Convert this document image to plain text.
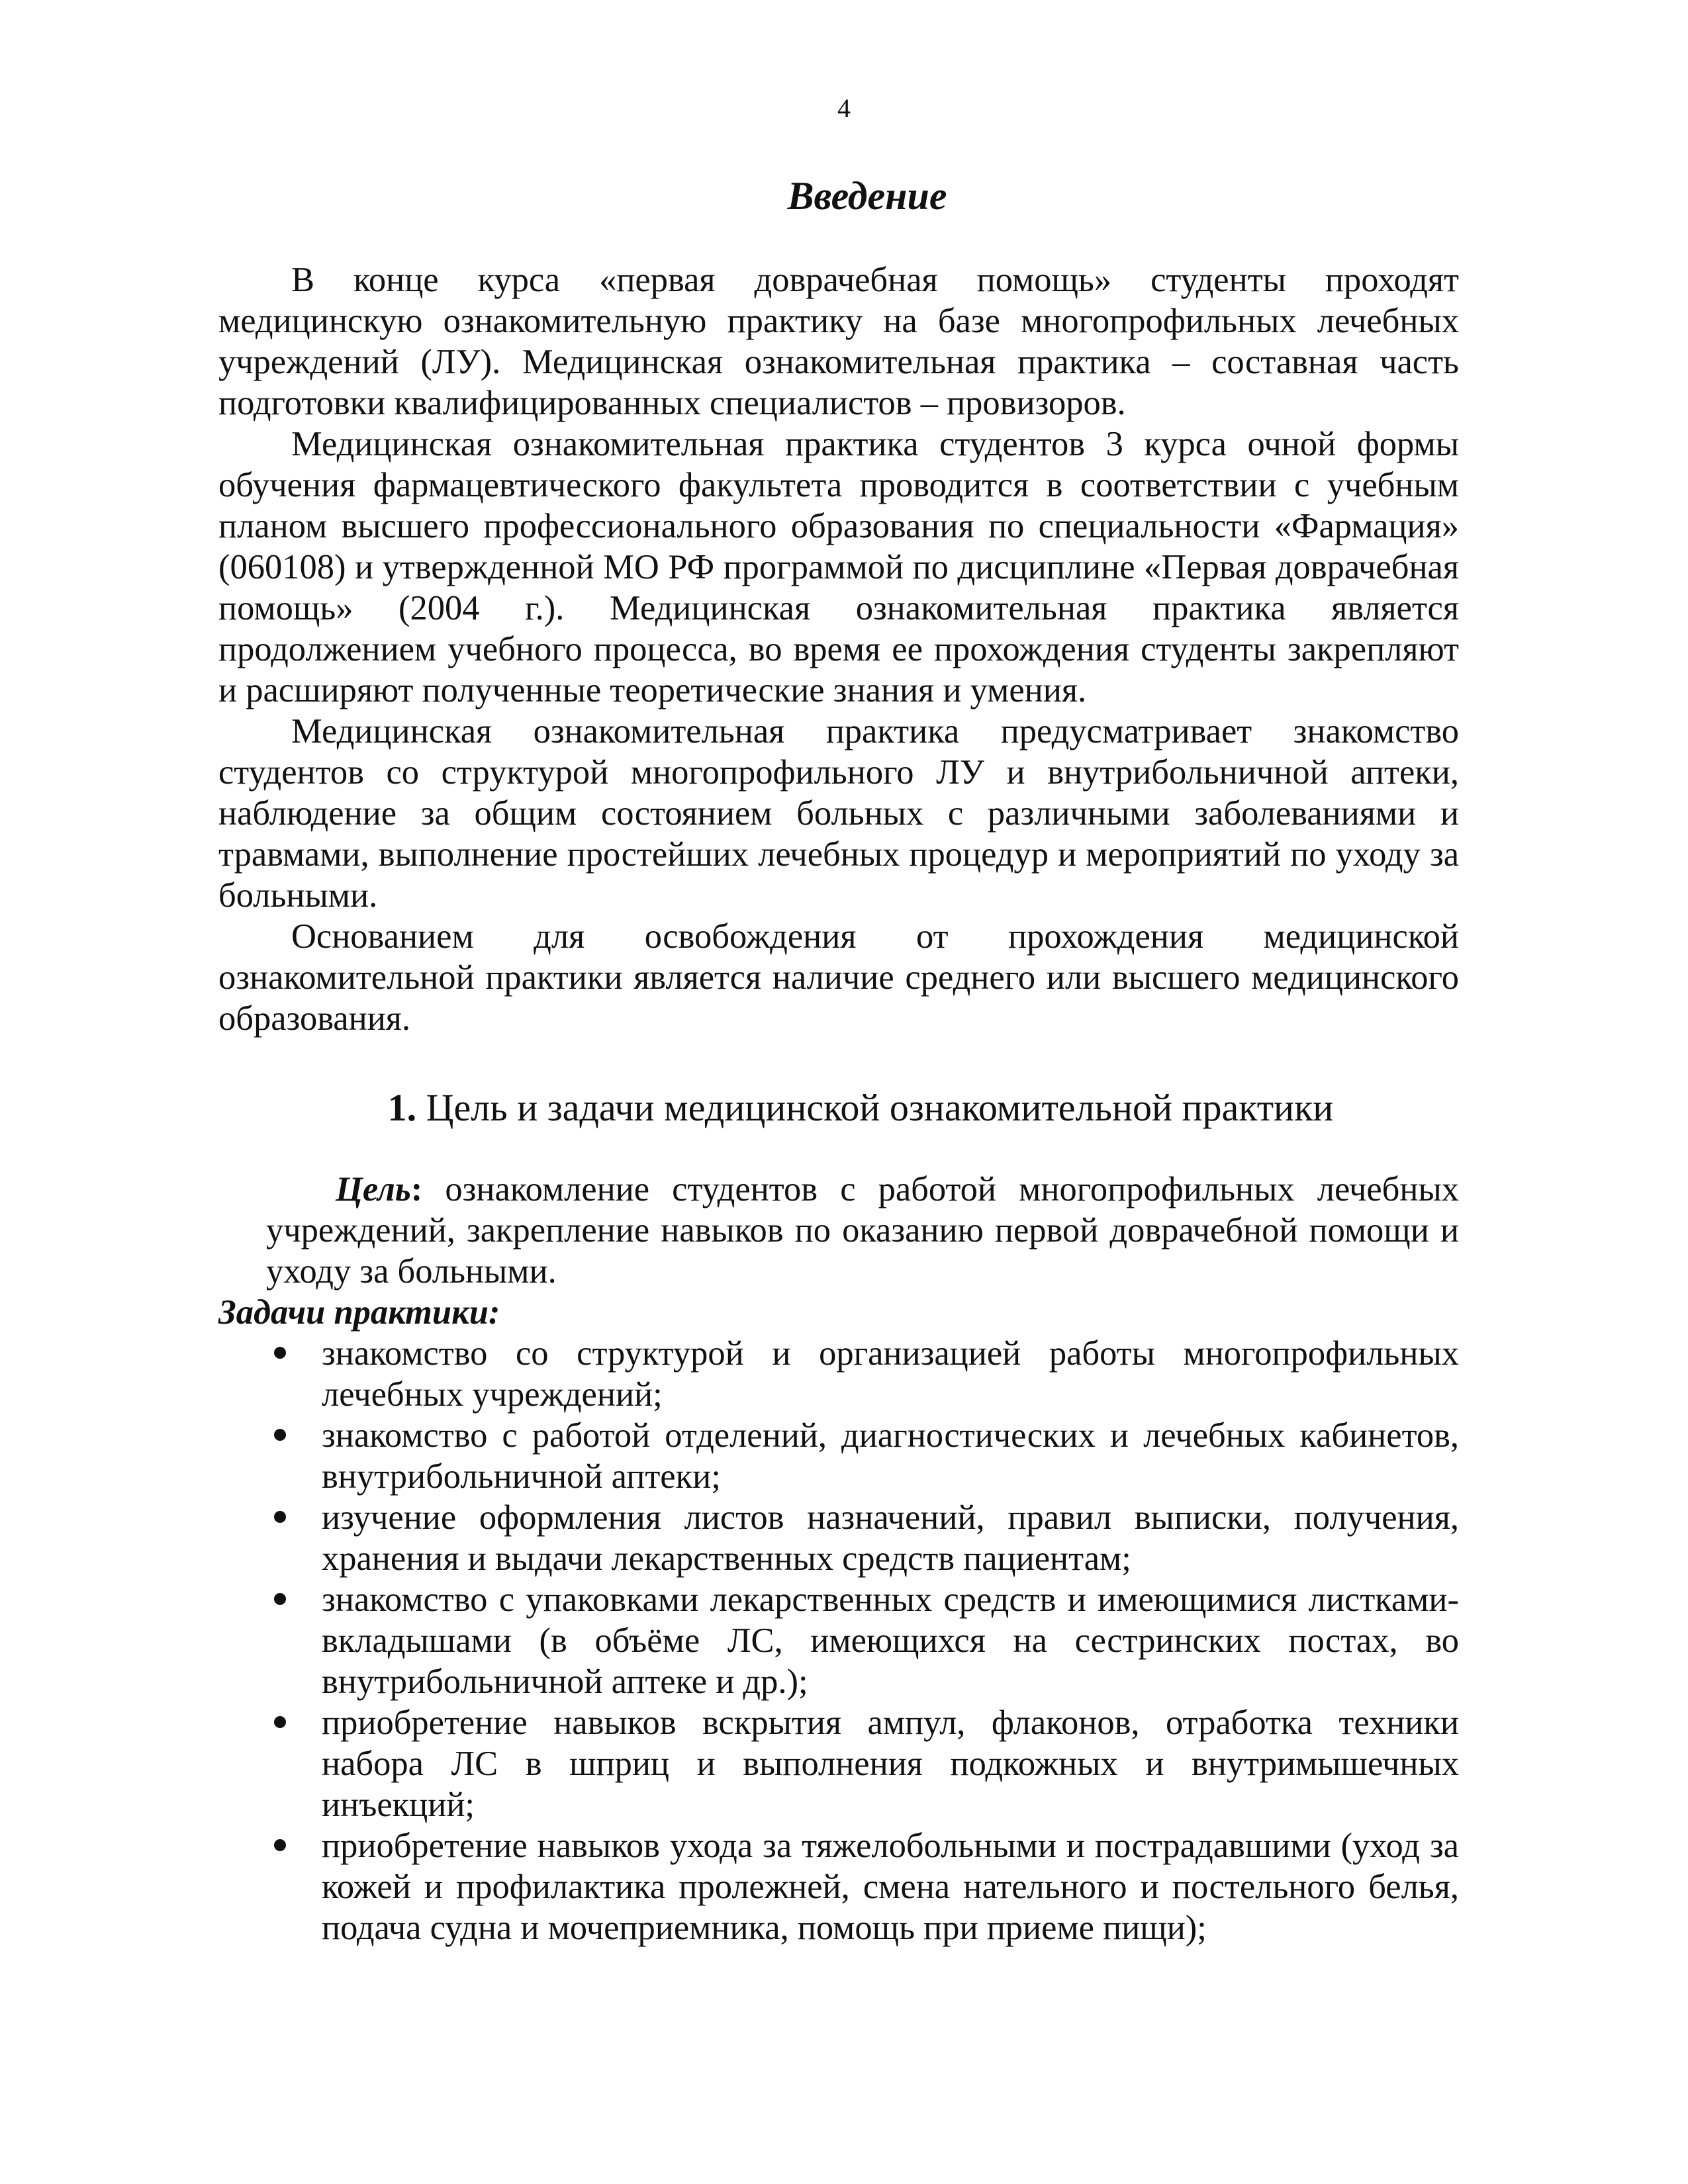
4
Введение

В конце курса «первая доврачебная помощь» студенты проходят медицинскую ознакомительную практику на базе многопрофильных лечебных учреждений (ЛУ). Медицинская ознакомительная практика – составная часть подготовки квалифицированных специалистов – провизоров.

Медицинская ознакомительная практика студентов 3 курса очной формы обучения фармацевтического факультета проводится в соответствии с учебным планом высшего профессионального образования по специальности «Фармация» (060108) и утвержденной МО РФ программой по дисциплине «Первая доврачебная помощь» (2004 г.). Медицинская ознакомительная практика является продолжением учебного процесса, во время ее прохождения студенты закрепляют и расширяют полученные теоретические знания и умения.

Медицинская ознакомительная практика предусматривает знакомство студентов со структурой многопрофильного ЛУ и внутрибольничной аптеки, наблюдение за общим состоянием больных с различными заболеваниями и травмами, выполнение простейших лечебных процедур и мероприятий по уходу за больными.

Основанием для освобождения от прохождения медицинской ознакомительной практики является наличие среднего или высшего медицинского образования.

1. Цель и задачи медицинской ознакомительной практики
Цель: ознакомление студентов с работой многопрофильных лечебных учреждений, закрепление навыков по оказанию первой доврачебной помощи и уходу за больными.
Задачи практики:
знакомство со структурой и организацией работы многопрофильных лечебных учреждений;
знакомство с работой отделений, диагностических и лечебных кабинетов, внутрибольничной аптеки;
изучение оформления листов назначений, правил выписки, получения, хранения и выдачи лекарственных средств пациентам;
знакомство с упаковками лекарственных средств и имеющимися листками-вкладышами (в объёме ЛС, имеющихся на сестринских постах, во внутрибольничной аптеке и др.);
приобретение навыков вскрытия ампул, флаконов, отработка техники набора ЛС в шприц и выполнения подкожных и внутримышечных инъекций;
приобретение навыков ухода за тяжелобольными и пострадавшими (уход за кожей и профилактика пролежней, смена нательного и постельного белья, подача судна и мочеприемника, помощь при приеме пищи);
